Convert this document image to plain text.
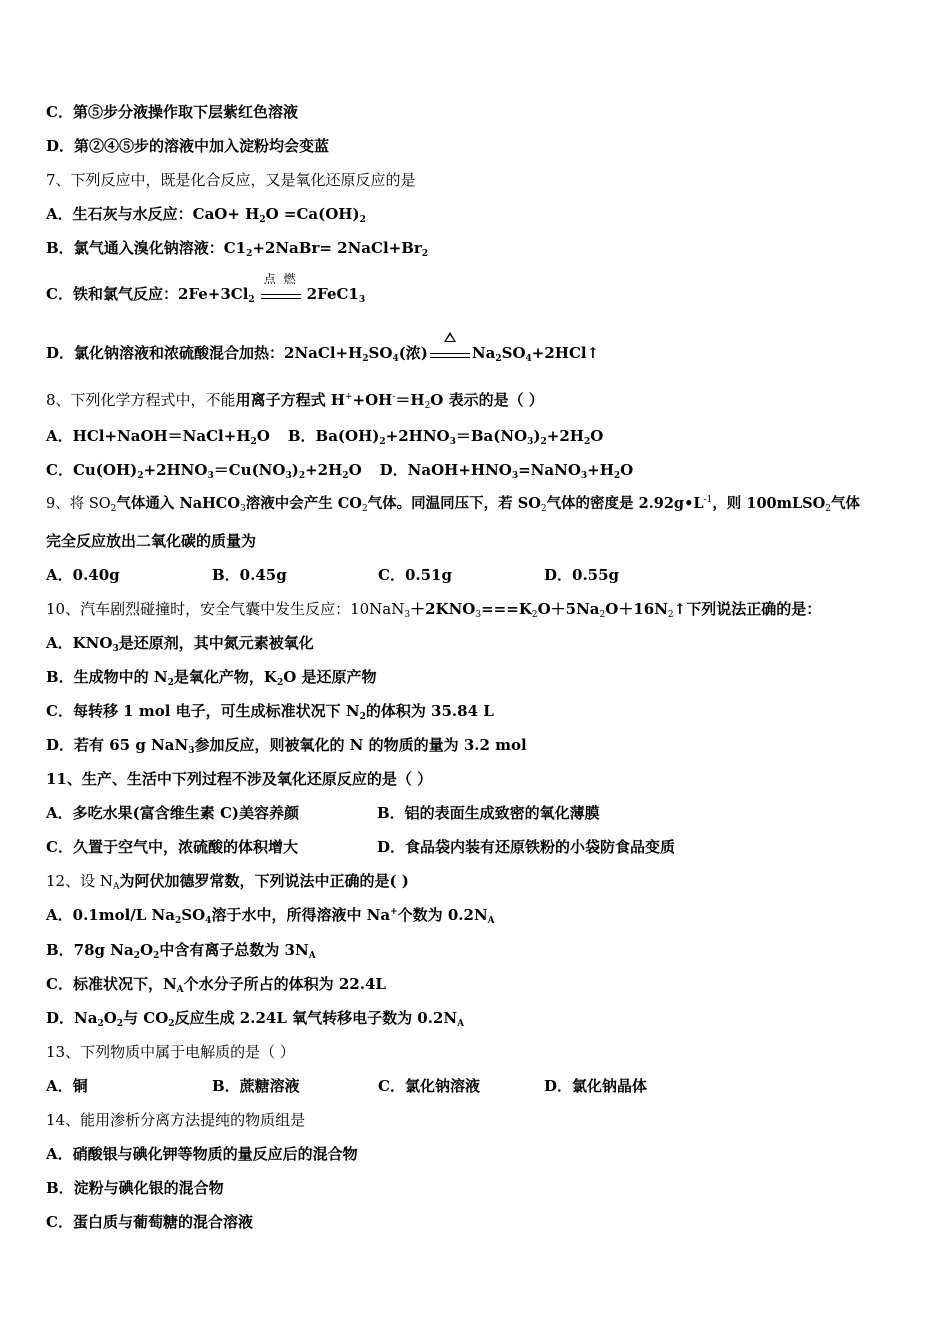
C．第⑤步分液操作取下层紫红色溶液
D．第②④⑤步的溶液中加入淀粉均会变蓝
7、下列反应中，既是化合反应，又是氧化还原反应的是
A．生石灰与水反应：$CaO+ H_2O =Ca(OH)_2$
B．氯气通入溴化钠溶液：$C1_2+2NaBr=$ $2NaCl+Br_2$
C．铁和氯气反应：$2Fe+3Cl_2$
点 燃
$2FeC1_3$
D．氯化钠溶液和浓硫酸混合加热：$2NaCl+H_2SO_4$(浓)	$Na_2SO_4+2HCl↑$
8、下列化学方程式中，不能用离子方程式 $H^++OH^-=H_2O$ 表示的是（ ）
A．$HCl+NaOH=NaCl+H_2O$ B．$Ba(OH)_2+2HNO_3=Ba(NO_3)_2+2H_2O$
C．$Cu(OH)_2+2HNO_3=Cu(NO_3)_2+2H_2O$ D．$NaOH+HNO_3=NaNO_3+H_2O$
9、将 $SO_2$气体通入 NaHCO$_3$溶液中会产生 $CO_2$气体。同温同压下，若 $SO_2$气体的密度是 $2.92g•L^{-1}$，则 100mLSO$_2$气体
完全反应放出二氧化碳的质量为
A．0.40g	B．0.45g	C．0.51g	D．0.55g
10、汽车剧烈碰撞时，安全气囊中发生反应：$10NaN_3+2KNO_3===K_2O+5Na_2O+16N_2↑$下列说法正确的是：
A．$KNO_3$是还原剂，其中氮元素被氧化
B．生成物中的 $N_2$是氧化产物，$K_2O$ 是还原产物
C．每转移 1 mol 电子，可生成标准状况下 $N_2$的体积为 35.84 L
D．若有 65 g NaN$_3$参加反应，则被氧化的 N 的物质的量为 3.2 mol
11、生产、生活中下列过程不涉及氧化还原反应的是（ ）
A．多吃水果(富含维生素 C)美容养颜	B．铝的表面生成致密的氧化薄膜
C．久置于空气中，浓硫酸的体积增大	D．食品袋内装有还原铁粉的小袋防食品变质
12、设 $N_A$为阿伏加德罗常数，下列说法中正确的是( )
A．0.1mol/L $Na_2SO_4$溶于水中，所得溶液中 Na+个数为 $0.2N_A$
B．78g $Na_2O_2$中含有离子总数为 $3N_A$
C．标准状况下，$N_A$个水分子所占的体积为 22.4L
D．$Na_2O_2$与 $CO_2$反应生成 2.24L 氧气转移电子数为 $0.2N_A$
13、下列物质中属于电解质的是（ ）
A．铜	B．蔗糖溶液	C．氯化钠溶液	D．氯化钠晶体
14、能用渗析分离方法提纯的物质组是
A．硝酸银与碘化钾等物质的量反应后的混合物
B．淀粉与碘化银的混合物
C．蛋白质与葡萄糖的混合溶液
